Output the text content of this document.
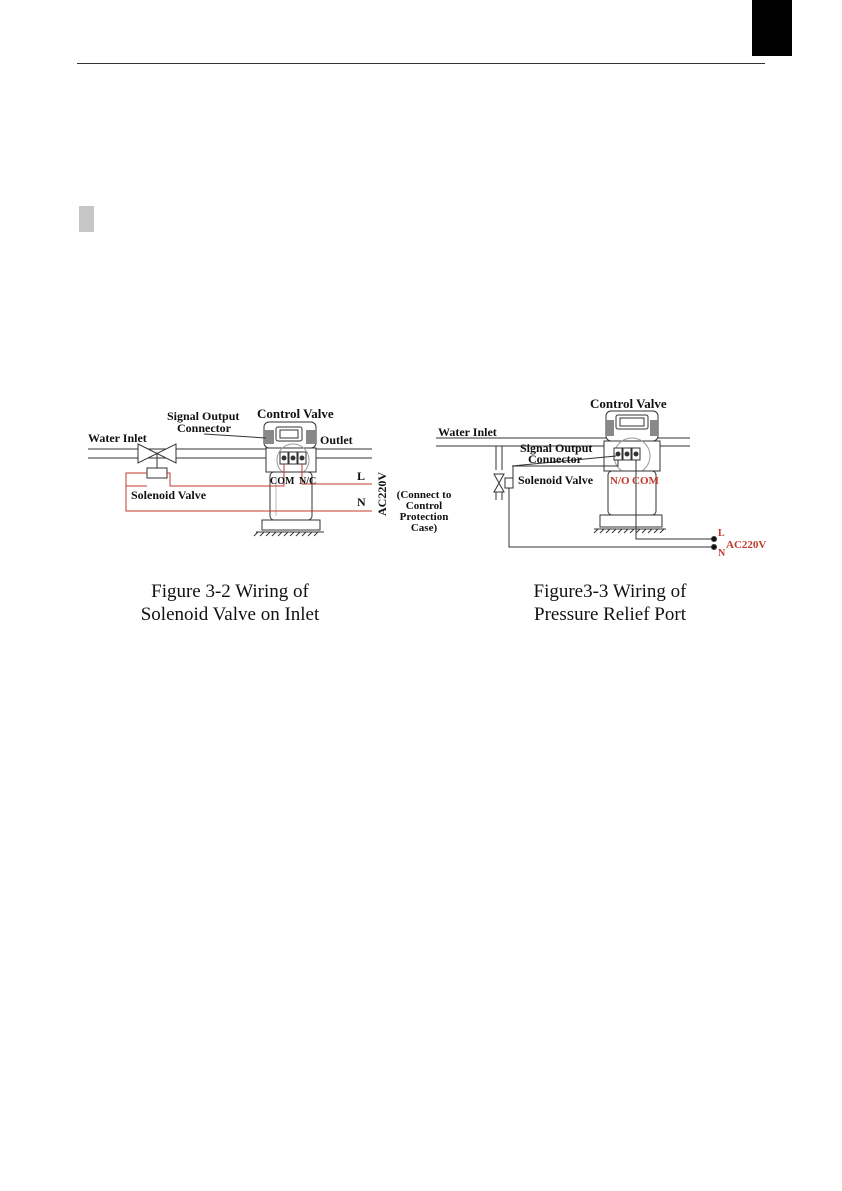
Water Inlet
Signal Output
Connector
Control Valve
Outlet
Solenoid Valve
COM N/C	L
N AC220V (Connect to
Control
Protection
Case)
Control Valve
Water Inlet
Signal Output
Connector
Solenoid Valve N/O COM
L
N
AC220V
Figure 3-2 Wiring of
Solenoid Valve on Inlet
Figure3-3 Wiring of
Pressure Relief Port
